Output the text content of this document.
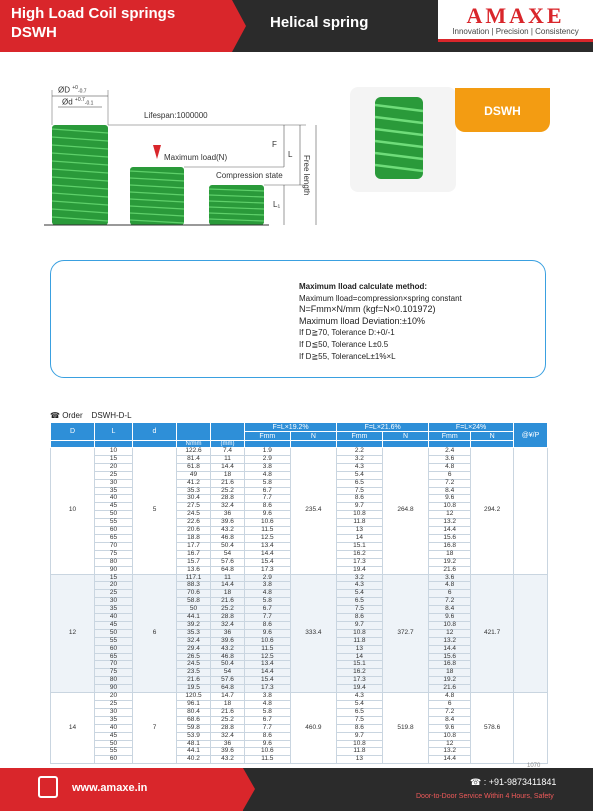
High Load Coil springs
DSWH
Helical spring	AMAXE
Innovation | Precision | Consistency
ØD $^{+0}$-0.7
Ød $^{+0.7}$-0.1
Lifespan:1000000
Maximum load(N)
Compression state
F
L
L₁
Free length
DSWH
Maximum lload calculate method:
Maximum lload=compression×spring constant
N=Fmm×N/mm (kgf=N×0.101972)
Maximum lload Deviation:±10%
If D≧70, Tolerance D:+0/-1
If D≦50, Tolerance L±0.5
If D≧55, ToleranceL±1%×L
☎ Order DSWH-D-L
D	L	d			F=L×19.2%		F=L×21.6%		F=L×24%		@¥/P
					Fmm	N	Fmm	N	Fmm	N	
			N/mm	(mm)							
10	10	5	122.6	7.4	1.9	235.4	2.2	264.8	2.4	294.2	
	15		81.4	11	2.9		3.2		3.6		
	20		61.8	14.4	3.8		4.3		4.8		
	25		49	18	4.8		5.4		6		
	30		41.2	21.6	5.8		6.5		7.2		
	35		35.3	25.2	6.7		7.5		8.4		
	40		30.4	28.8	7.7		8.6		9.6		
	45		27.5	32.4	8.6		9.7		10.8		
	50		24.5	36	9.6		10.8		12		
	55		22.6	39.6	10.6		11.8		13.2		
	60		20.6	43.2	11.5		13		14.4		
	65		18.8	46.8	12.5		14		15.6		
	70		17.7	50.4	13.4		15.1		16.8		
	75		16.7	54	14.4		16.2		18		
	80		15.7	57.6	15.4		17.3		19.2		
	90		13.6	64.8	17.3		19.4		21.6		
12	15	6	117.1	11	2.9	333.4	3.2	372.7	3.6	421.7	
	20		88.3	14.4	3.8		4.3		4.8		
	25		70.6	18	4.8		5.4		6		
	30		58.8	21.6	5.8		6.5		7.2		
	35		50	25.2	6.7		7.5		8.4		
	40		44.1	28.8	7.7		8.6		9.6		
	45		39.2	32.4	8.6		9.7		10.8		
	50		35.3	36	9.6		10.8		12		
	55		32.4	39.6	10.6		11.8		13.2		
	60		29.4	43.2	11.5		13		14.4		
	65		26.5	46.8	12.5		14		15.6		
	70		24.5	50.4	13.4		15.1		16.8		
	75		23.5	54	14.4		16.2		18		
	80		21.6	57.6	15.4		17.3		19.2		
	90		19.5	64.8	17.3		19.4		21.6		
14	20	7	120.5	14.7	3.8	460.9	4.3	519.8	4.8	578.6	
	25		96.1	18	4.8		5.4		6		
	30		80.4	21.6	5.8		6.5		7.2		
	35		68.6	25.2	6.7		7.5		8.4		
	40		59.8	28.8	7.7		8.6		9.6		
	45		53.9	32.4	8.6		9.7		10.8		
	50		48.1	36	9.6		10.8		12		
	55		44.1	39.6	10.6		11.8		13.2		
	60		40.2	43.2	11.5		13		14.4		
www.amaxe.in	☎ : +91-9873411841
Door-to-Door Service Within 4 Hours, Safety
1070
